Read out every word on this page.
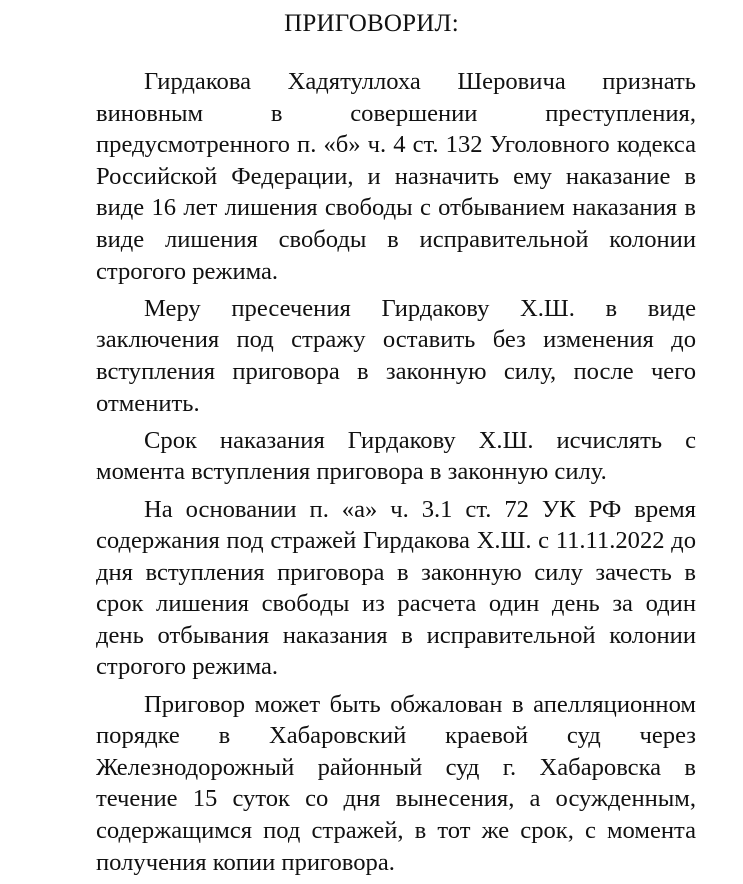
ПРИГОВОРИЛ:

Гирдакова Хадятуллоха Шеровича признать виновным в совершении преступления, предусмотренного п. «б» ч. 4 ст. 132 Уголовного кодекса Российской Федерации, и назначить ему наказание в виде 16 лет лишения свободы с отбыванием наказания в виде лишения свободы в исправительной колонии строгого режима.

Меру пресечения Гирдакову Х.Ш. в виде заключения под стражу оставить без изменения до вступления приговора в законную силу, после чего отменить.

Срок наказания Гирдакову Х.Ш. исчислять с момента вступления приговора в законную силу.

На основании п. «а» ч. 3.1 ст. 72 УК РФ время содержания под стражей Гирдакова Х.Ш. с 11.11.2022 до дня вступления приговора в законную силу зачесть в срок лишения свободы из расчета один день за один день отбывания наказания в исправительной колонии строгого режима.

Приговор может быть обжалован в апелляционном порядке в Хабаровский краевой суд через Железнодорожный районный суд г. Хабаровска в течение 15 суток со дня вынесения, а осужденным, содержащимся под стражей, в тот же срок, с момента получения копии приговора.
